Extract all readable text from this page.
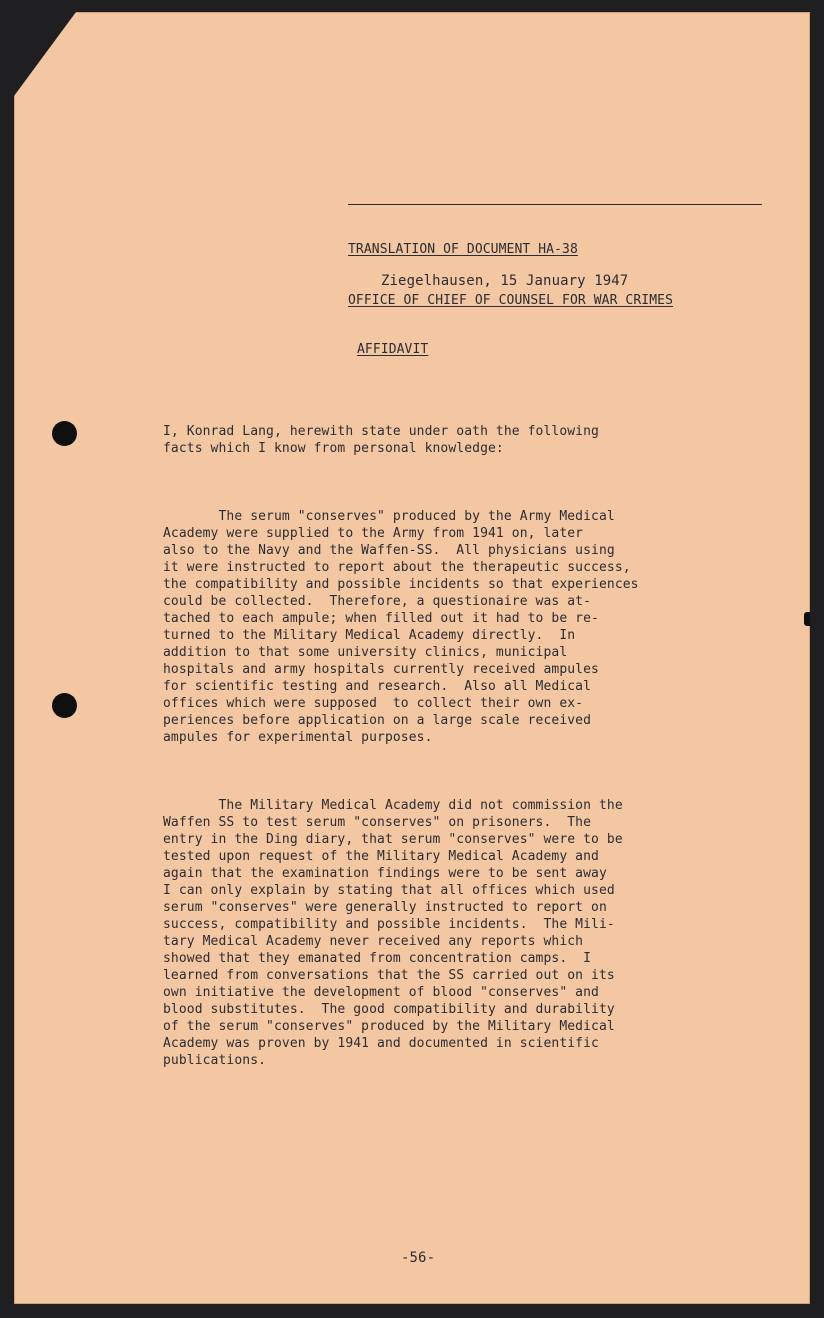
TRANSLATION OF DOCUMENT HA-38

OFFICE OF CHIEF OF COUNSEL FOR WAR CRIMES

Ziegelhausen, 15 January 1947

AFFIDAVIT

I, Konrad Lang, herewith state under oath the following
facts which I know from personal knowledge:

The serum "conserves" produced by the Army Medical
Academy were supplied to the Army from 1941 on, later
also to the Navy and the Waffen-SS.  All physicians using
it were instructed to report about the therapeutic success,
the compatibility and possible incidents so that experiences
could be collected.  Therefore, a questionaire was at-
tached to each ampule; when filled out it had to be re-
turned to the Military Medical Academy directly.  In
addition to that some university clinics, municipal
hospitals and army hospitals currently received ampules
for scientific testing and research.  Also all Medical
offices which were supposed  to collect their own ex-
periences before application on a large scale received
ampules for experimental purposes.

The Military Medical Academy did not commission the
Waffen SS to test serum "conserves" on prisoners.  The
entry in the Ding diary, that serum "conserves" were to be
tested upon request of the Military Medical Academy and
again that the examination findings were to be sent away
I can only explain by stating that all offices which used
serum "conserves" were generally instructed to report on
success, compatibility and possible incidents.  The Mili-
tary Medical Academy never received any reports which
showed that they emanated from concentration camps.  I
learned from conversations that the SS carried out on its
own initiative the development of blood "conserves" and
blood substitutes.  The good compatibility and durability
of the serum "conserves" produced by the Military Medical
Academy was proven by 1941 and documented in scientific
publications.

-56-
